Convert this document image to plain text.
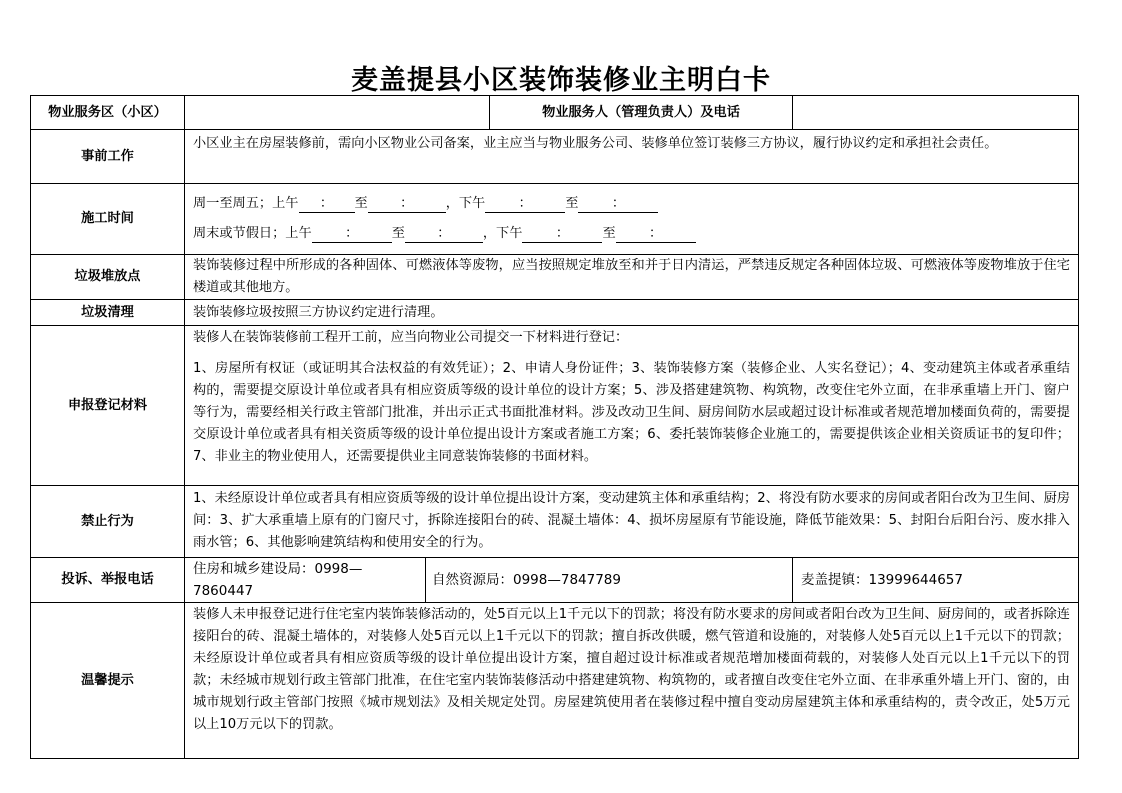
麦盖提县小区装饰装修业主明白卡
物业服务区（小区）			物业服务人（管理负责人）及电话	
事前工作	小区业主在房屋装修前，需向小区物业公司备案，业主应当与物业服务公司、装修单位签订装修三方协议，履行协议约定和承担社会责任。			

施工时间	周一至周五；上午 ： 至 ： ，下午 ： 至 ：
周末或节假日；上午 ： 至 ： ，下午 ： 至 ：			

垃圾堆放点	装饰装修过程中所形成的各种固体、可燃液体等废物，应当按照规定堆放至和并于日内清运，严禁违反规定各种固体垃圾、可燃液体等废物堆放于住宅楼道或其他地方。			

垃圾清理	装饰装修垃圾按照三方协议约定进行清理。			

申报登记材料	装修人在装饰装修前工程开工前，应当向物业公司提交一下材料进行登记：

1、房屋所有权证（或证明其合法权益的有效凭证）；2、申请人身份证件；3、装饰装修方案（装修企业、人实名登记）；4、变动建筑主体或者承重结构的，需要提交原设计单位或者具有相应资质等级的设计单位的设计方案；5、涉及搭建建筑物、构筑物，改变住宅外立面，在非承重墙上开门、窗户等行为，需要经相关行政主管部门批准，并出示正式书面批准材料。涉及改动卫生间、厨房间防水层或超过设计标准或者规范增加楼面负荷的，需要提交原设计单位或者具有相关资质等级的设计单位提出设计方案或者施工方案；6、委托装饰装修企业施工的，需要提供该企业相关资质证书的复印件；7、非业主的物业使用人，还需要提供业主同意装饰装修的书面材料。			

禁止行为	1、未经原设计单位或者具有相应资质等级的设计单位提出设计方案，变动建筑主体和承重结构；2、将没有防水要求的房间或者阳台改为卫生间、厨房间：3、扩大承重墙上原有的门窗尺寸，拆除连接阳台的砖、混凝土墙体：4、损坏房屋原有节能设施，降低节能效果：5、封阳台后阳台污、废水排入雨水管；6、其他影响建筑结构和使用安全的行为。			

投诉、举报电话	住房和城乡建设局：0998—7860447	自然资源局：0998—7847789		麦盖提镇：13999644657
温馨提示	装修人未申报登记进行住宅室内装饰装修活动的，处5百元以上1千元以下的罚款；将没有防水要求的房间或者阳台改为卫生间、厨房间的，或者拆除连接阳台的砖、混凝土墙体的，对装修人处5百元以上1千元以下的罚款；擅自拆改供暖，燃气管道和设施的，对装修人处5百元以上1千元以下的罚款；未经原设计单位或者具有相应资质等级的设计单位提出设计方案，擅自超过设计标准或者规范增加楼面荷载的，对装修人处百元以上1千元以下的罚款；未经城市规划行政主管部门批准，在住宅室内装饰装修活动中搭建建筑物、构筑物的，或者擅自改变住宅外立面、在非承重外墙上开门、窗的，由城市规划行政主管部门按照《城市规划法》及相关规定处罚。房屋建筑使用者在装修过程中擅自变动房屋建筑主体和承重结构的，责令改正，处5万元以上10万元以下的罚款。			
